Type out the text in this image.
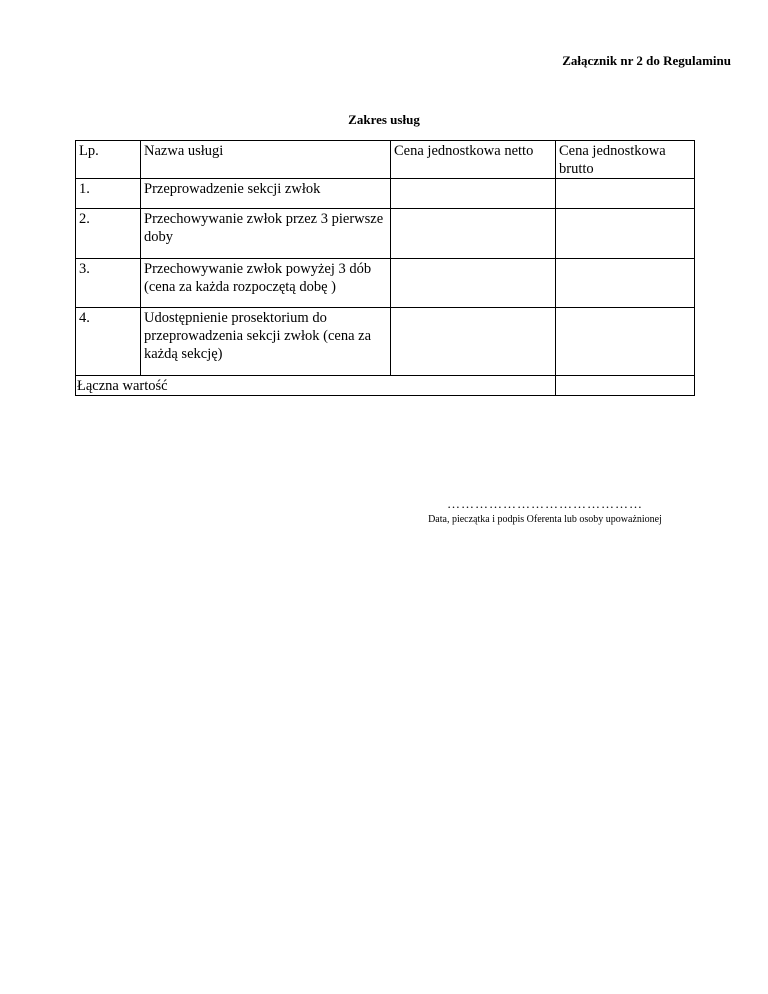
Załącznik nr 2 do Regulaminu
Zakres usług
Lp.	Nazwa usługi	Cena jednostkowa netto	Cena jednostkowa brutto
1.	Przeprowadzenie sekcji zwłok		
2.	Przechowywanie zwłok przez 3 pierwsze doby		
3.	Przechowywanie zwłok powyżej 3 dób (cena za każda rozpoczętą dobę )		
4.	Udostępnienie prosektorium do przeprowadzenia sekcji zwłok (cena za każdą sekcję)		
Łączna wartość			
……………………………………
Data, pieczątka i podpis Oferenta lub osoby upoważnionej
